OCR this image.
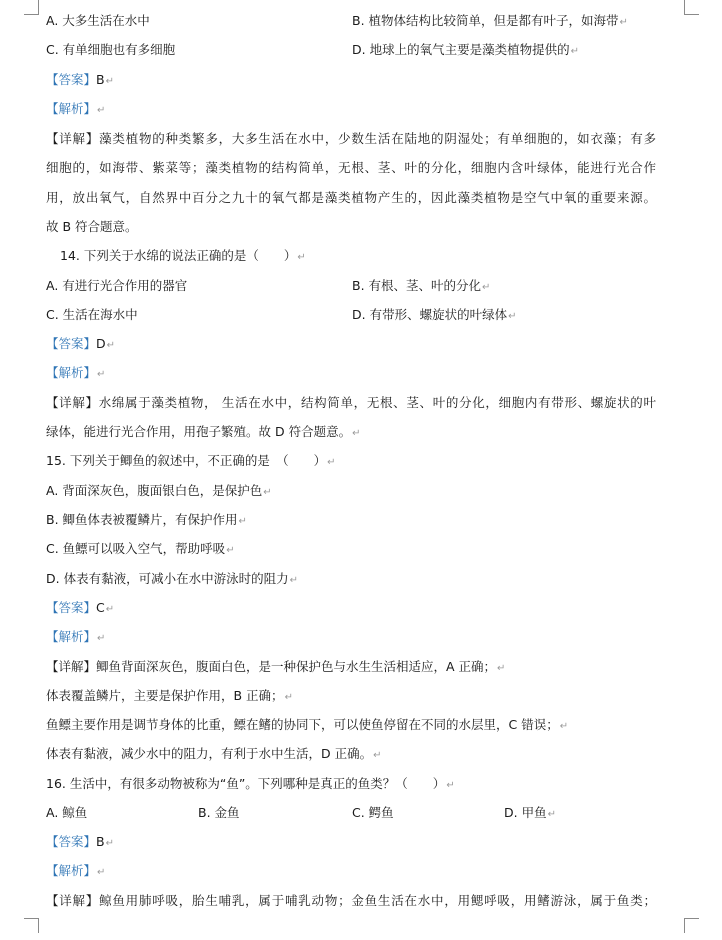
A. 大多生活在水中	B. 植物体结构比较简单，但是都有叶子，如海带↵
C. 有单细胞也有多细胞	D. 地球上的氧气主要是藻类植物提供的↵
【答案】B↵
【解析】↵
【详解】藻类植物的种类繁多，大多生活在水中，少数生活在陆地的阴湿处；有单细胞的，如衣藻；有多
细胞的，如海带、紫菜等；藻类植物的结构简单，无根、茎、叶的分化，细胞内含叶绿体，能进行光合作
用，放出氧气，自然界中百分之九十的氧气都是藻类植物产生的，因此藻类植物是空气中氧的重要来源。
故 B 符合题意。
14. 下列关于水绵的说法正确的是（　　）↵
A. 有进行光合作用的器官	B. 有根、茎、叶的分化↵
C. 生活在海水中	D. 有带形、螺旋状的叶绿体↵
【答案】D↵
【解析】↵
【详解】水绵属于藻类植物， 生活在水中，结构简单，无根、茎、叶的分化，细胞内有带形、螺旋状的叶
绿体，能进行光合作用，用孢子繁殖。故 D 符合题意。↵
15. 下列关于鲫鱼的叙述中，不正确的是　（　　）↵
A. 背面深灰色，腹面银白色，是保护色↵
B. 鲫鱼体表被覆鳞片，有保护作用↵
C. 鱼鳔可以吸入空气，帮助呼吸↵
D. 体表有黏液，可减小在水中游泳时的阻力↵
【答案】C↵
【解析】↵
【详解】鲫鱼背面深灰色，腹面白色，是一种保护色与水生生活相适应，A 正确；↵
体表覆盖鳞片，主要是保护作用，B 正确；↵
鱼鳔主要作用是调节身体的比重，鳔在鳍的协同下，可以使鱼停留在不同的水层里，C 错误；↵
体表有黏液，减少水中的阻力，有利于水中生活，D 正确。↵
16. 生活中，有很多动物被称为“鱼”。下列哪种是真正的鱼类？（　　）↵
A. 鲸鱼	B. 金鱼	C. 鳄鱼	D. 甲鱼↵
【答案】B↵
【解析】↵
【详解】鲸鱼用肺呼吸，胎生哺乳，属于哺乳动物；金鱼生活在水中，用鳃呼吸，用鳍游泳，属于鱼类；
